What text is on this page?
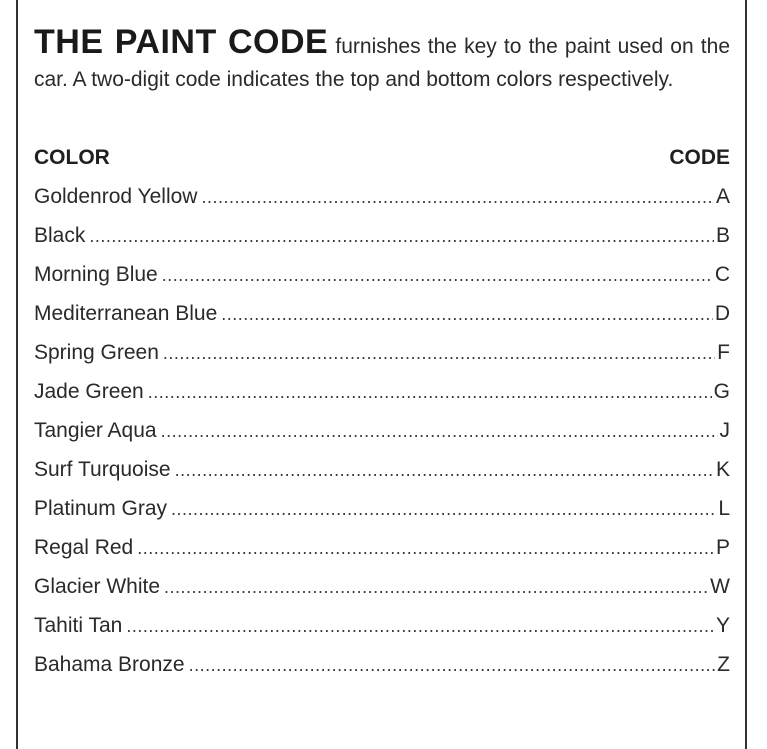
THE PAINT CODE furnishes the key to the paint used on the car. A two-digit code indicates the top and bottom colors respectively.

COLOR	CODE
Goldenrod Yellow .....	A
Black .....	B
Morning Blue .....	C
Mediterranean Blue .....	D
Spring Green .....	F
Jade Green .....	G
Tangier Aqua .....	J
Surf Turquoise .....	K
Platinum Gray .....	L
Regal Red .....	P
Glacier White .....	W
Tahiti Tan .....	Y
Bahama Bronze .....	Z
